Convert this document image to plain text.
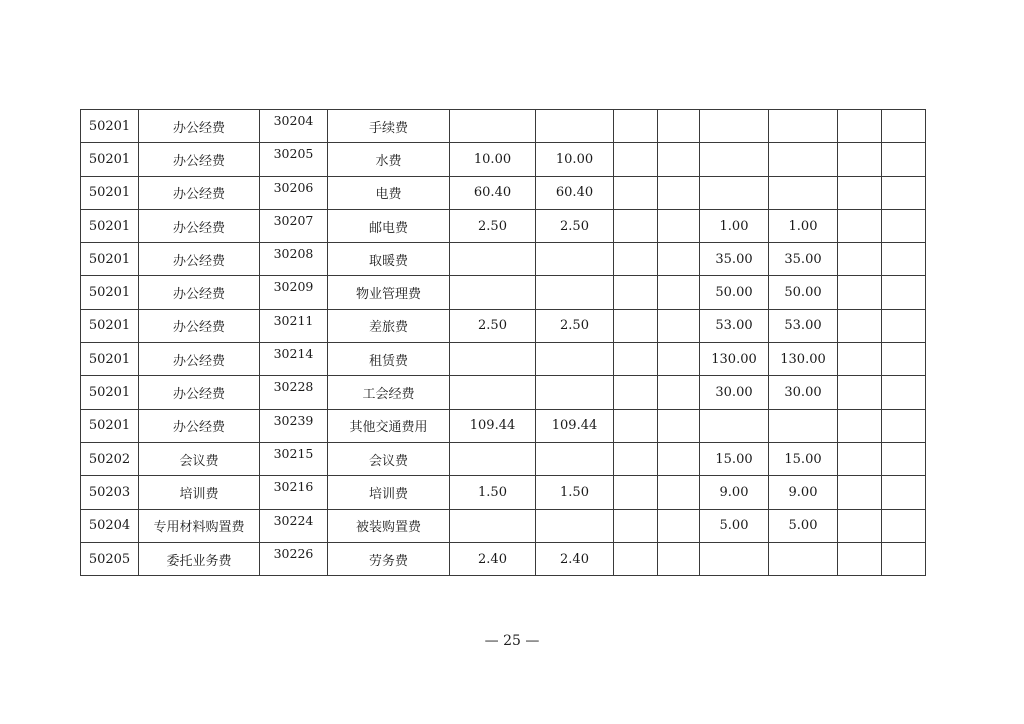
50201	办公经费	30204	手续费								
50201	办公经费	30205	水费	10.00	10.00						
50201	办公经费	30206	电费	60.40	60.40						
50201	办公经费	30207	邮电费	2.50	2.50			1.00	1.00		
50201	办公经费	30208	取暖费					35.00	35.00		
50201	办公经费	30209	物业管理费					50.00	50.00		
50201	办公经费	30211	差旅费	2.50	2.50			53.00	53.00		
50201	办公经费	30214	租赁费					130.00	130.00		
50201	办公经费	30228	工会经费					30.00	30.00		
50201	办公经费	30239	其他交通费用	109.44	109.44						
50202	会议费	30215	会议费					15.00	15.00		
50203	培训费	30216	培训费	1.50	1.50			9.00	9.00		
50204	专用材料购置费	30224	被装购置费					5.00	5.00		
50205	委托业务费	30226	劳务费	2.40	2.40						
— 25 —
